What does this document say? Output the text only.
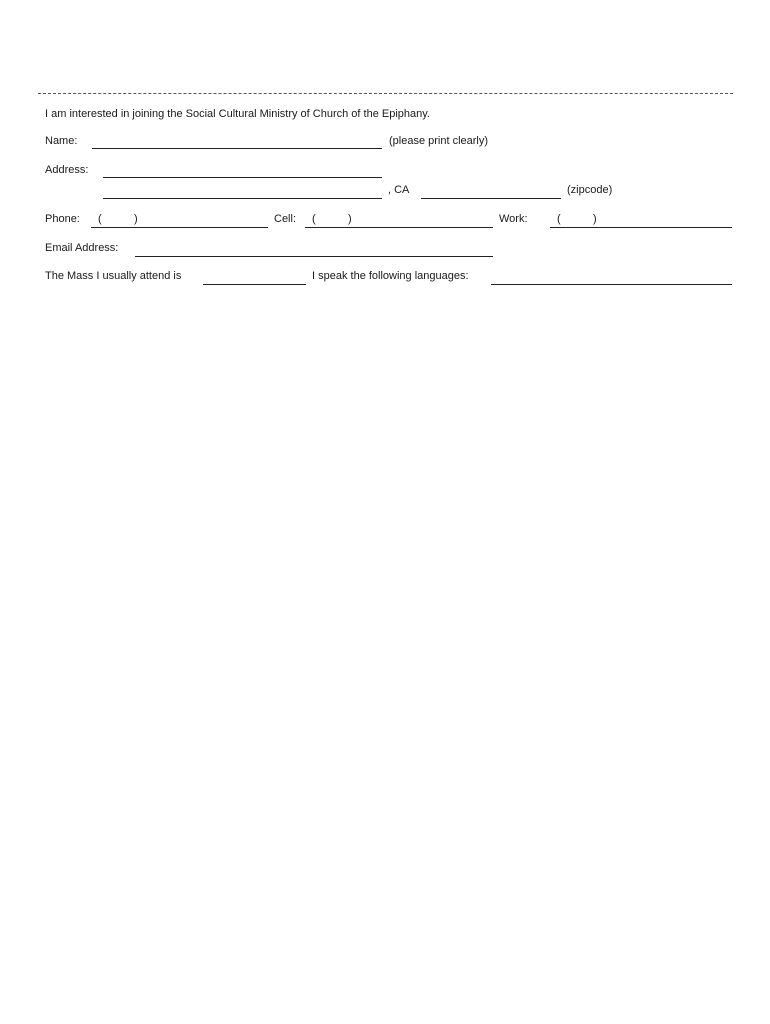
I am interested in joining the Social Cultural Ministry of Church of the Epiphany.
Name:	(please print clearly)
Address:
, CA	(zipcode)
Phone: (	)	Cell: (	)	Work:	(	)
Email Address:
The Mass I usually attend is	I speak the following languages:
